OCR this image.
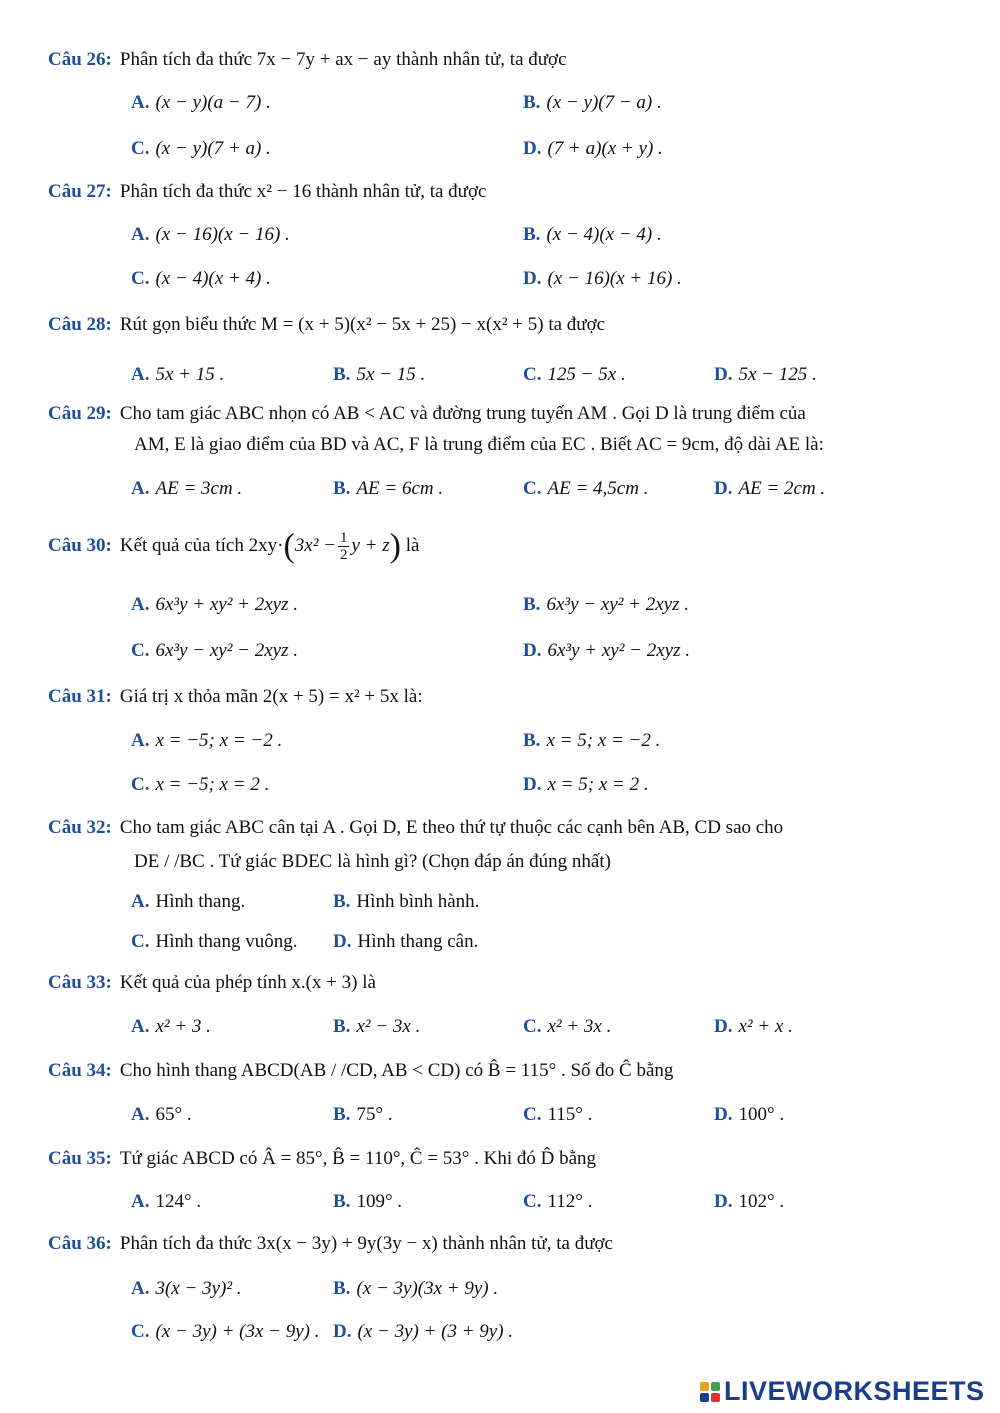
Câu 26: Phân tích đa thức 7x − 7y + ax − ay thành nhân tử, ta được
A. (x − y)(a − 7) .	B. (x − y)(7 − a) .
C. (x − y)(7 + a) .	D. (7 + a)(x + y) .
Câu 27: Phân tích đa thức x² − 16 thành nhân tử, ta được
A. (x − 16)(x − 16) .	B. (x − 4)(x − 4) .
C. (x − 4)(x + 4) .	D. (x − 16)(x + 16) .
Câu 28: Rút gọn biểu thức M = (x + 5)(x² − 5x + 25) − x(x² + 5) ta được
A. 5x + 15 .	B. 5x − 15 .	C. 125 − 5x .	D. 5x − 125 .
Câu 29: Cho tam giác ABC nhọn có AB < AC và đường trung tuyến AM . Gọi D là trung điểm của
AM, E là giao điểm của BD và AC, F là trung điểm của EC . Biết AC = 9cm, độ dài AE là:
A. AE = 3cm .	B. AE = 6cm .	C. AE = 4,5cm .	D. AE = 2cm .
Câu 30: Kết quả của tích $2xy\cdot(3x^2 - \frac{1}{2}$ y + z) là
A. 6x³y + xy² + 2xyz .	B. 6x³y − xy² + 2xyz .
C. 6x³y − xy² − 2xyz .	D. 6x³y + xy² − 2xyz .
Câu 31: Giá trị x thỏa mãn 2(x + 5) = x² + 5x là:
A. x = −5; x = −2 .	B. x = 5; x = −2 .
C. x = −5; x = 2 .	D. x = 5; x = 2 .
Câu 32: Cho tam giác ABC cân tại A . Gọi D, E theo thứ tự thuộc các cạnh bên AB, CD sao cho
DE / /BC . Tứ giác BDEC là hình gì? (Chọn đáp án đúng nhất)
A. Hình thang.	B. Hình bình hành.
C. Hình thang vuông. D. Hình thang cân.
Câu 33: Kết quả của phép tính x.(x + 3) là
A. x² + 3 .	B. x² − 3x .	C. x² + 3x .	D. x² + x .
Câu 34: Cho hình thang ABCD(AB / /CD, AB < CD) có B̂ = 115° . Số đo Ĉ bằng
A. 65° .	B. 75° .	C. 115° .	D. 100° .
Câu 35: Tứ giác ABCD có Â = 85°, B̂ = 110°, Ĉ = 53° . Khi đó D̂ bằng
A. 124° .	B. 109° .	C. 112° .	D. 102° .
Câu 36: Phân tích đa thức 3x(x − 3y) + 9y(3y − x) thành nhân tử, ta được
A. 3(x − 3y)² .	B. (x − 3y)(3x + 9y) .
C. (x − 3y) + (3x − 9y) . D. (x − 3y) + (3 + 9y) .
LIVEWORKSHEETS
